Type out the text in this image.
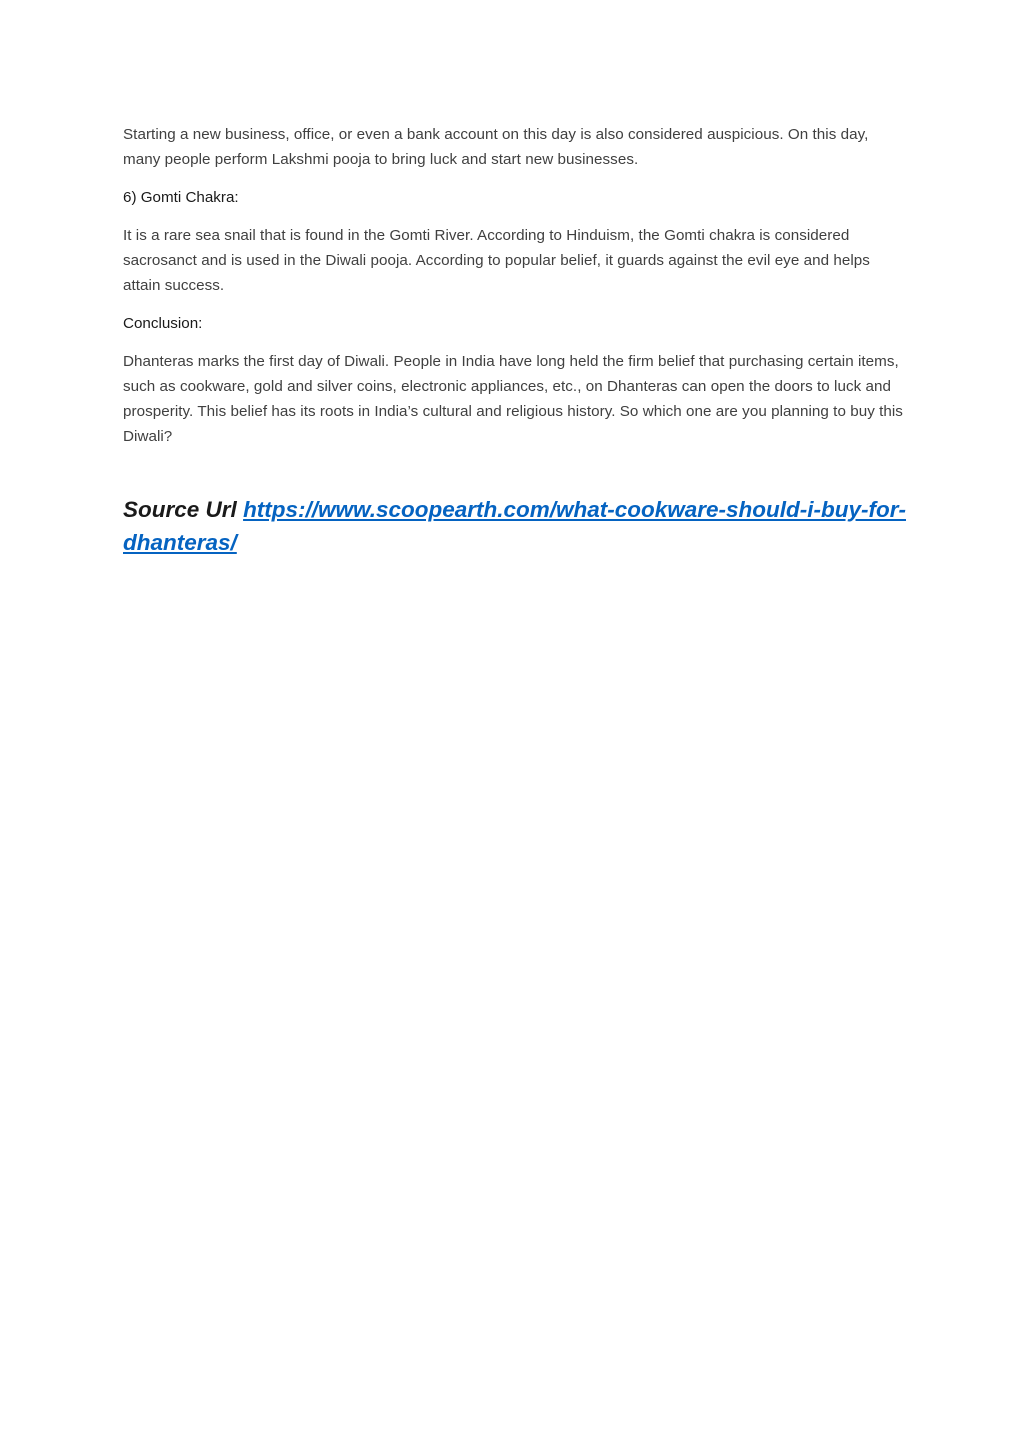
Starting a new business, office, or even a bank account on this day is also considered auspicious. On this day, many people perform Lakshmi pooja to bring luck and start new businesses.

6) Gomti Chakra:

It is a rare sea snail that is found in the Gomti River. According to Hinduism, the Gomti chakra is considered sacrosanct and is used in the Diwali pooja. According to popular belief, it guards against the evil eye and helps attain success.

Conclusion:

Dhanteras marks the first day of Diwali. People in India have long held the firm belief that purchasing certain items, such as cookware, gold and silver coins, electronic appliances, etc., on Dhanteras can open the doors to luck and prosperity. This belief has its roots in India’s cultural and religious history. So which one are you planning to buy this Diwali?

Source Url https://www.scoopearth.com/what-cookware-should-i-buy-for-dhanteras/
